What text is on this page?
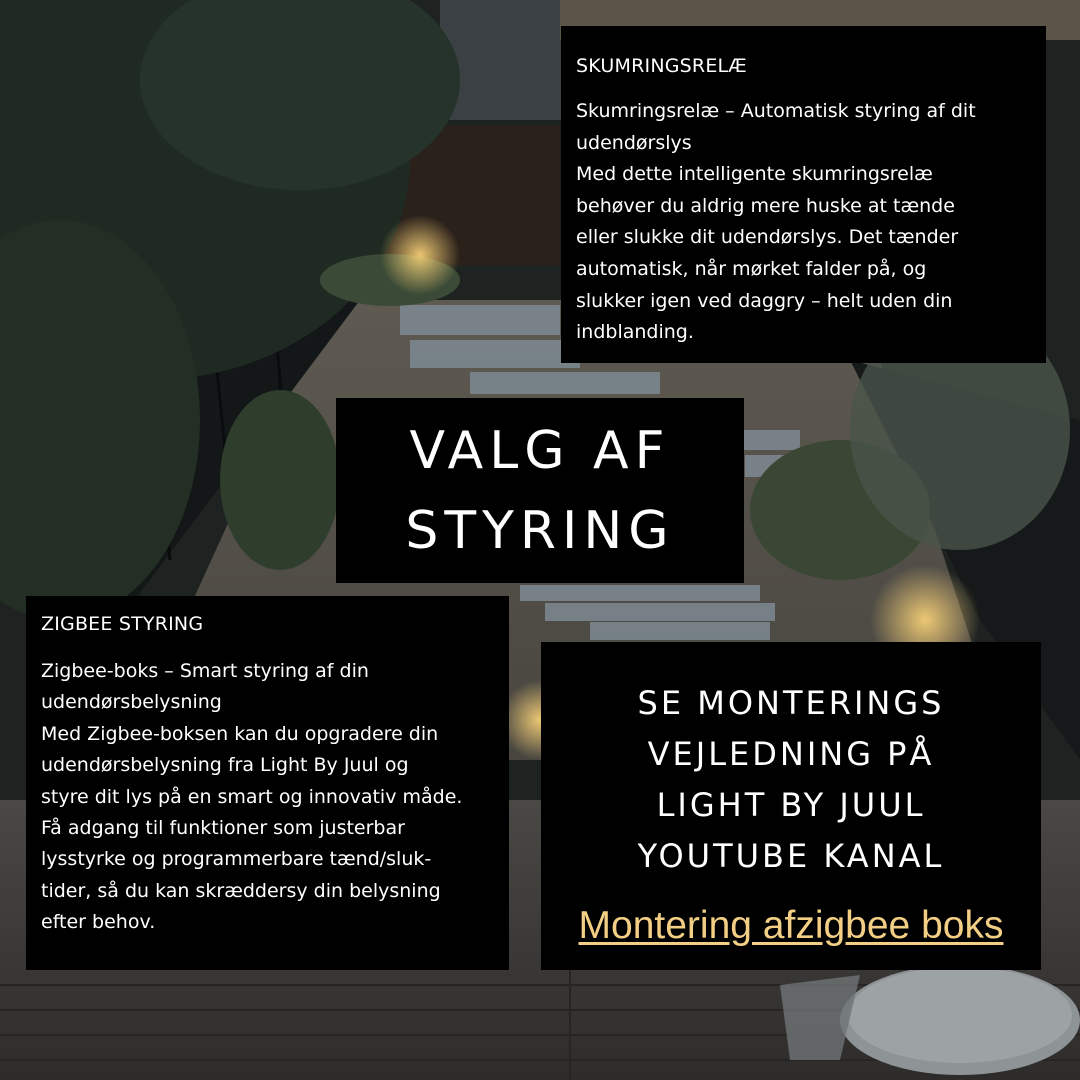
SKUMRINGSRELÆ

Skumringsrelæ – Automatisk styring af dit
udendørslys
Med dette intelligente skumringsrelæ
behøver du aldrig mere huske at tænde
eller slukke dit udendørslys. Det tænder
automatisk, når mørket falder på, og
slukker igen ved daggry – helt uden din
indblanding.

VALG AF
STYRING
ZIGBEE STYRING

Zigbee-boks – Smart styring af din
udendørsbelysning
Med Zigbee-boksen kan du opgradere din
udendørsbelysning fra Light By Juul og
styre dit lys på en smart og innovativ måde.
Få adgang til funktioner som justerbar
lysstyrke og programmerbare tænd/sluk-
tider, så du kan skræddersy din belysning
efter behov.

SE MONTERINGS
VEJLEDNING PÅ
LIGHT BY JUUL
YOUTUBE KANAL
Montering afzigbee boks
